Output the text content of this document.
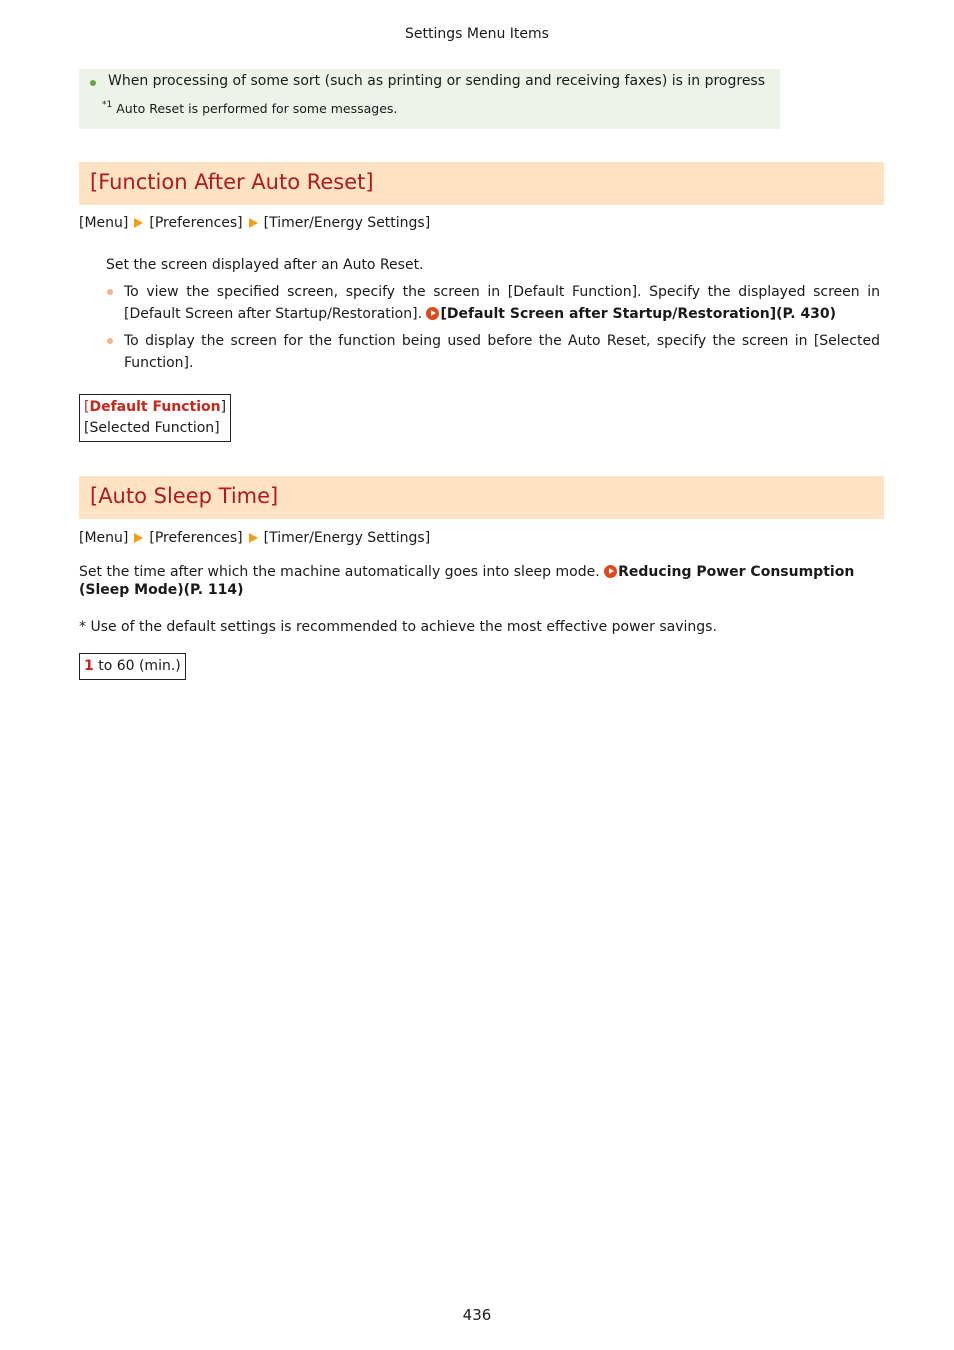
Settings Menu Items
When processing of some sort (such as printing or sending and receiving faxes) is in progress
$^{*1}$ Auto Reset is performed for some messages.
[Function After Auto Reset]
[Menu] [Preferences] [Timer/Energy Settings]
Set the screen displayed after an Auto Reset.
To view the specified screen, specify the screen in [Default Function]. Specify the displayed screen in [Default Screen after Startup/Restoration]. [Default Screen after Startup/Restoration](P. 430)
To display the screen for the function being used before the Auto Reset, specify the screen in [Selected Function].
[Default Function]
[Selected Function]
[Auto Sleep Time]
[Menu] [Preferences] [Timer/Energy Settings]
Set the time after which the machine automatically goes into sleep mode. Reducing Power Consumption (Sleep Mode)(P. 114)
* Use of the default settings is recommended to achieve the most effective power savings.
1 to 60 (min.)
436
